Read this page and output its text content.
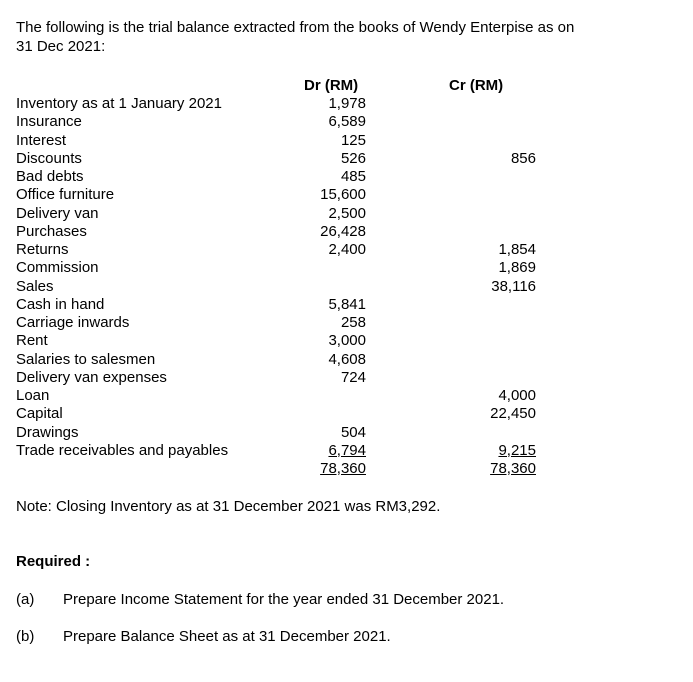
The following is the trial balance extracted from the books of Wendy Enterpise as on
31 Dec 2021:
Dr (RM)	Cr (RM)
Inventory as at 1 January 2021	1,978		
Insurance	6,589		
Interest	125		
Discounts	526		856
Bad debts	485		
Office furniture	15,600		
Delivery van	2,500		
Purchases	26,428		
Returns	2,400		1,854
Commission			1,869
Sales			38,116
Cash in hand	5,841		
Carriage inwards	258		
Rent	3,000		
Salaries to salesmen	4,608		
Delivery van expenses	724		
Loan			4,000
Capital			22,450
Drawings	504		
Trade receivables and payables	6,794		9,215
	78,360		78,360
Note: Closing Inventory as at 31 December 2021 was RM3,292.
Required :
(a) Prepare Income Statement for the year ended 31 December 2021.
(b) Prepare Balance Sheet as at 31 December 2021.
